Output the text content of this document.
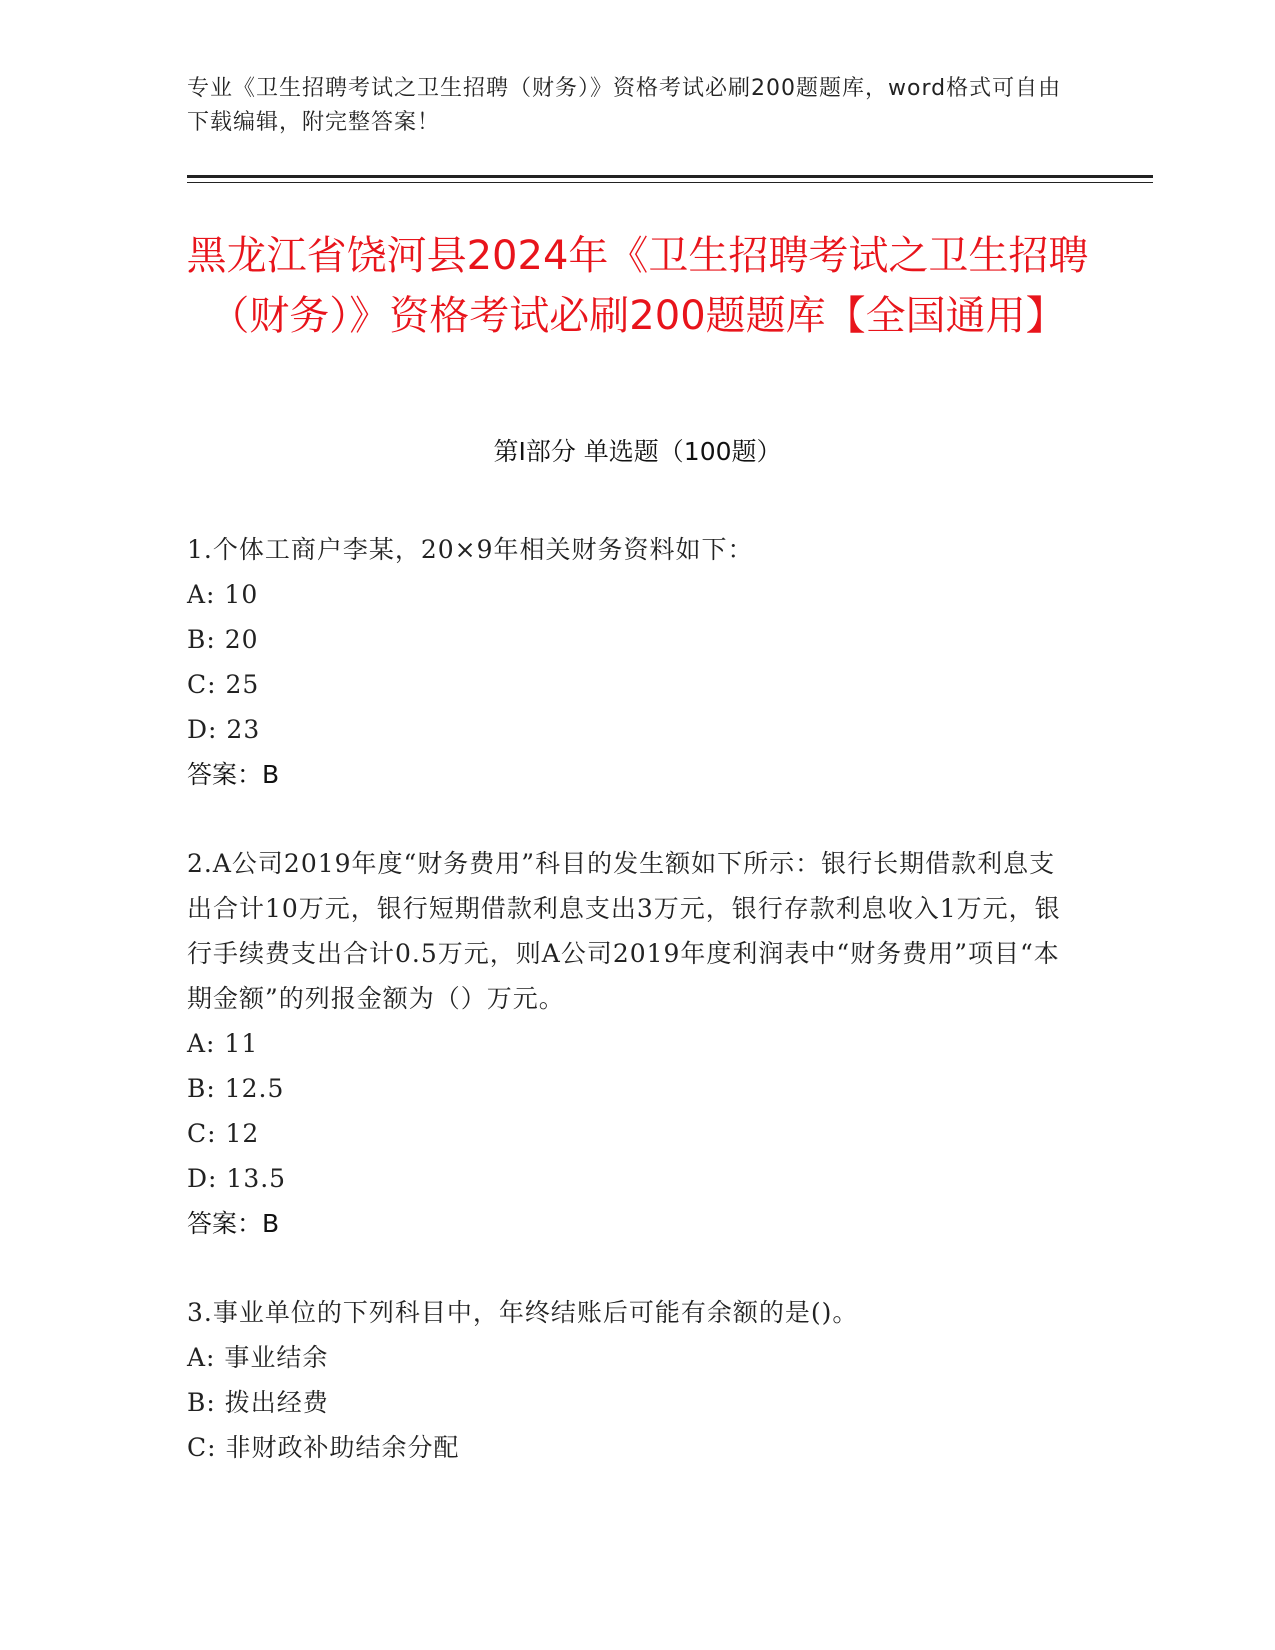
专业《卫生招聘考试之卫生招聘（财务）》资格考试必刷200题题库，word格式可自由下载编辑，附完整答案！
黑龙江省饶河县2024年《卫生招聘考试之卫生招聘（财务）》资格考试必刷200题题库【全国通用】
第Ⅰ部分 单选题（100题）

1.个体工商户李某，20×9年相关财务资料如下：

A: 10

B: 20

C: 25

D: 23

答案：B

2.A公司2019年度“财务费用”科目的发生额如下所示：银行长期借款利息支出合计10万元，银行短期借款利息支出3万元，银行存款利息收入1万元，银行手续费支出合计0.5万元，则A公司2019年度利润表中“财务费用”项目“本期金额”的列报金额为（）万元。

A: 11

B: 12.5

C: 12

D: 13.5

答案：B

3.事业单位的下列科目中，年终结账后可能有余额的是()。

A: 事业结余

B: 拨出经费

C: 非财政补助结余分配
